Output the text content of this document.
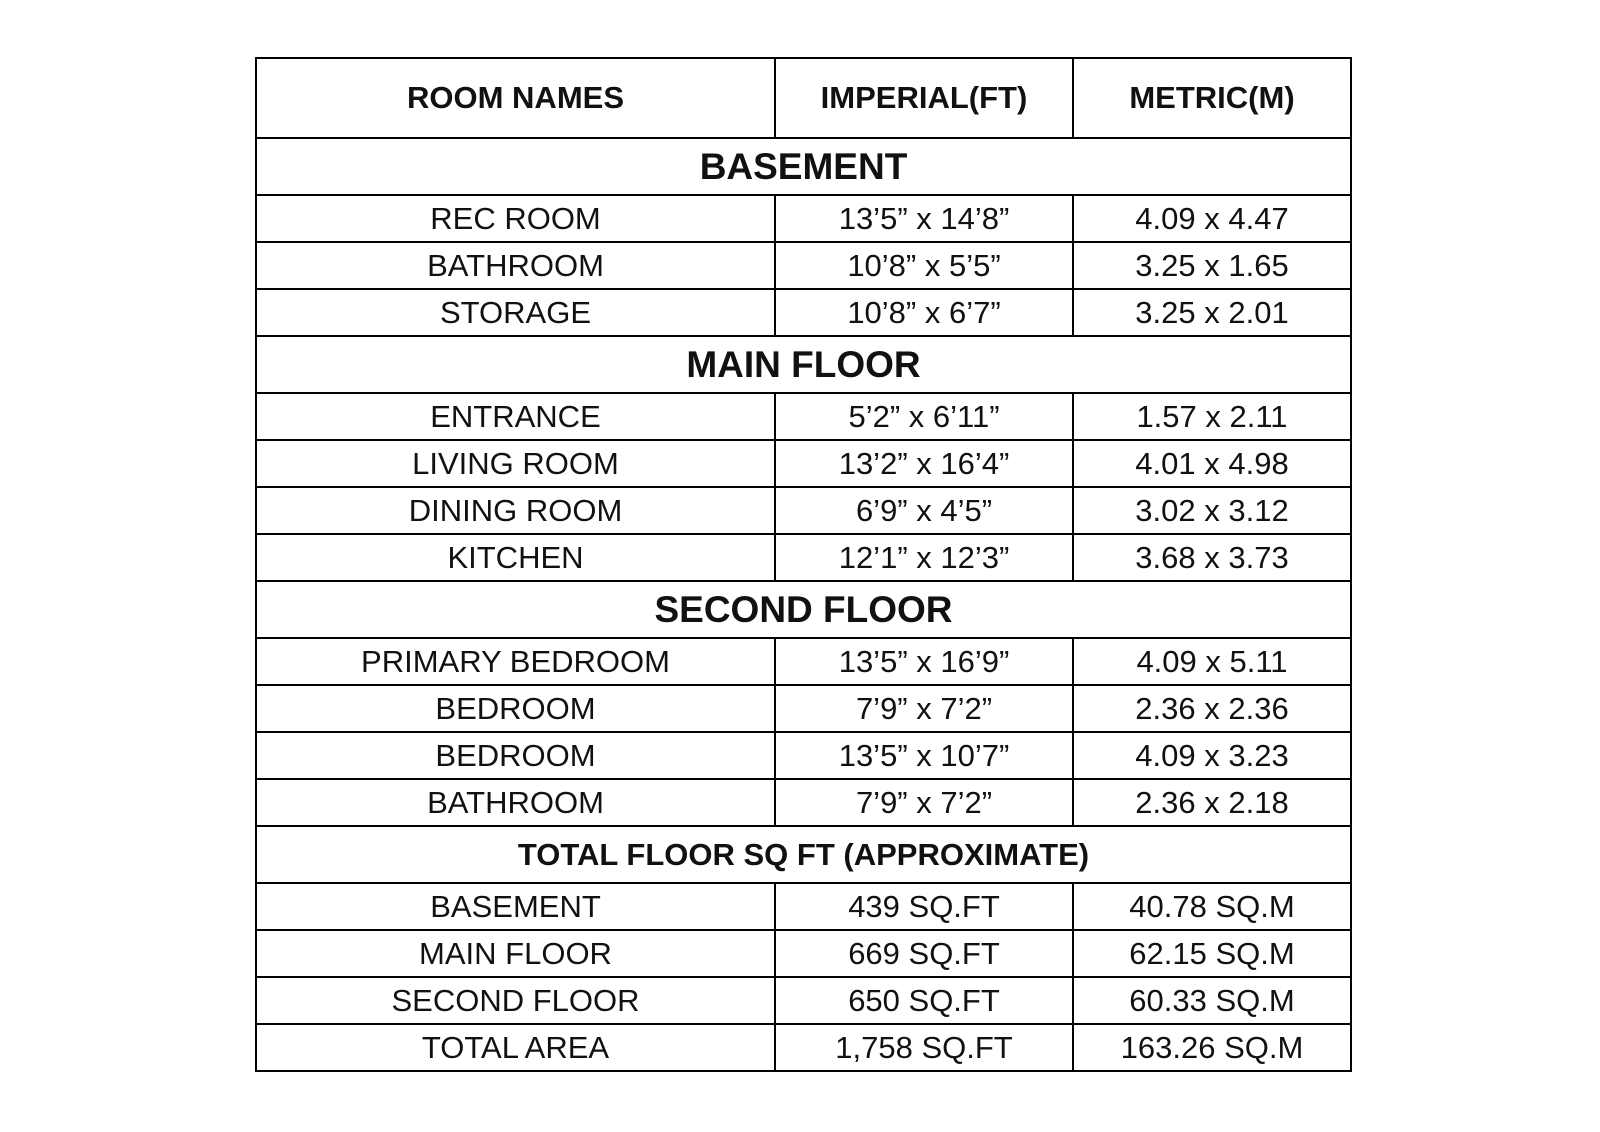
ROOM NAMES	IMPERIAL(FT)	METRIC(M)
BASEMENT		
REC ROOM	13’5” x 14’8”	4.09 x 4.47
BATHROOM	10’8” x 5’5”	3.25 x 1.65
STORAGE	10’8” x 6’7”	3.25 x 2.01
MAIN FLOOR		
ENTRANCE	5’2” x 6’11”	1.57 x 2.11
LIVING ROOM	13’2” x 16’4”	4.01 x 4.98
DINING ROOM	6’9” x 4’5”	3.02 x 3.12
KITCHEN	12’1” x 12’3”	3.68 x 3.73
SECOND FLOOR		
PRIMARY BEDROOM	13’5” x 16’9”	4.09 x 5.11
BEDROOM	7’9” x 7’2”	2.36 x 2.36
BEDROOM	13’5” x 10’7”	4.09 x 3.23
BATHROOM	7’9” x 7’2”	2.36 x 2.18
TOTAL FLOOR SQ FT (APPROXIMATE)		
BASEMENT	439 SQ.FT	40.78 SQ.M
MAIN FLOOR	669 SQ.FT	62.15 SQ.M
SECOND FLOOR	650 SQ.FT	60.33 SQ.M
TOTAL AREA	1,758 SQ.FT	163.26 SQ.M
